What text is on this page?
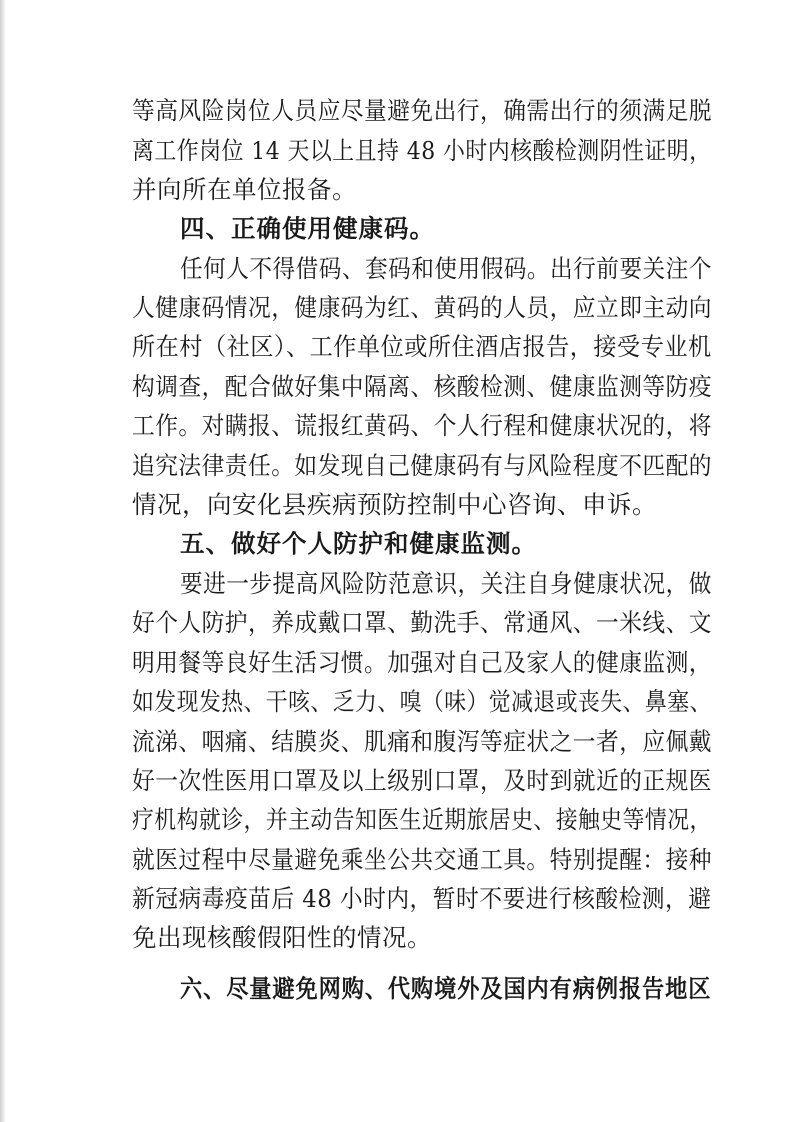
等高风险岗位人员应尽量避免出行，确需出行的须满足脱
离工作岗位 14 天以上且持 48 小时内核酸检测阴性证明，
并向所在单位报备。
四、正确使用健康码。
任何人不得借码、套码和使用假码。出行前要关注个
人健康码情况，健康码为红、黄码的人员，应立即主动向
所在村（社区）、工作单位或所住酒店报告，接受专业机
构调查，配合做好集中隔离、核酸检测、健康监测等防疫
工作。对瞒报、谎报红黄码、个人行程和健康状况的，将
追究法律责任。如发现自己健康码有与风险程度不匹配的
情况，向安化县疾病预防控制中心咨询、申诉。
五、做好个人防护和健康监测。
要进一步提高风险防范意识，关注自身健康状况，做
好个人防护，养成戴口罩、勤洗手、常通风、一米线、文
明用餐等良好生活习惯。加强对自己及家人的健康监测，
如发现发热、干咳、乏力、嗅（味）觉减退或丧失、鼻塞、
流涕、咽痛、结膜炎、肌痛和腹泻等症状之一者，应佩戴
好一次性医用口罩及以上级别口罩，及时到就近的正规医
疗机构就诊，并主动告知医生近期旅居史、接触史等情况，
就医过程中尽量避免乘坐公共交通工具。特别提醒：接种
新冠病毒疫苗后 48 小时内，暂时不要进行核酸检测，避
免出现核酸假阳性的情况。
六、尽量避免网购、代购境外及国内有病例报告地区
